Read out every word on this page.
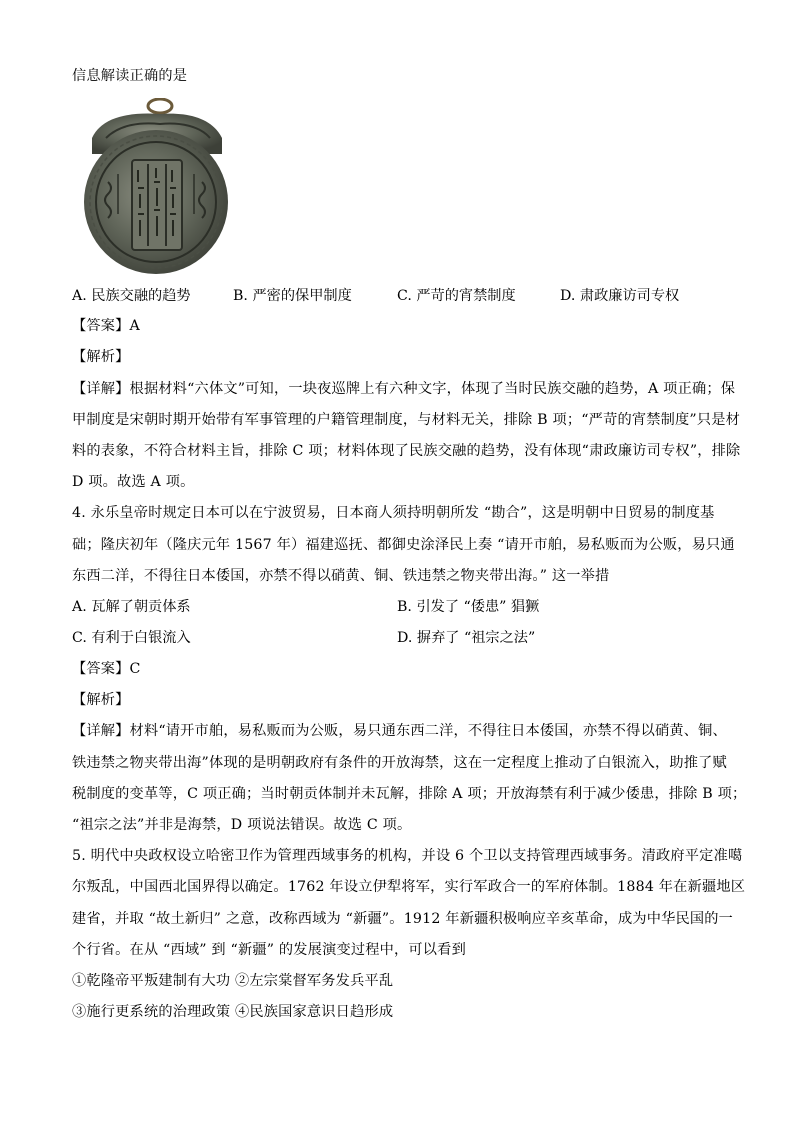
信息解读正确的是
A. 民族交融的趋势	B. 严密的保甲制度	C. 严苛的宵禁制度	D. 肃政廉访司专权
【答案】A
【解析】
【详解】根据材料“六体文”可知，一块夜巡牌上有六种文字，体现了当时民族交融的趋势，A 项正确；保
甲制度是宋朝时期开始带有军事管理的户籍管理制度，与材料无关，排除 B 项；“严苛的宵禁制度”只是材
料的表象，不符合材料主旨，排除 C 项；材料体现了民族交融的趋势，没有体现“肃政廉访司专权”，排除
D 项。故选 A 项。
4. 永乐皇帝时规定日本可以在宁波贸易，日本商人须持明朝所发 “勘合”，这是明朝中日贸易的制度基
础；隆庆初年（隆庆元年 1567 年）福建巡抚、都御史涂泽民上奏 “请开市舶，易私贩而为公贩，易只通
东西二洋，不得往日本倭国，亦禁不得以硝黄、铜、铁违禁之物夹带出海。” 这一举措
A. 瓦解了朝贡体系	B. 引发了 “倭患” 猖獗
C. 有利于白银流入	D. 摒弃了 “祖宗之法”
【答案】C
【解析】
【详解】材料“请开市舶，易私贩而为公贩，易只通东西二洋，不得往日本倭国，亦禁不得以硝黄、铜、
铁违禁之物夹带出海”体现的是明朝政府有条件的开放海禁，这在一定程度上推动了白银流入，助推了赋
税制度的变革等，C 项正确；当时朝贡体制并未瓦解，排除 A 项；开放海禁有利于减少倭患，排除 B 项；
“祖宗之法”并非是海禁，D 项说法错误。故选 C 项。
5. 明代中央政权设立哈密卫作为管理西域事务的机构，并设 6 个卫以支持管理西域事务。清政府平定准噶
尔叛乱，中国西北国界得以确定。1762 年设立伊犁将军，实行军政合一的军府体制。1884 年在新疆地区
建省，并取 “故土新归” 之意，改称西域为 “新疆”。1912 年新疆积极响应辛亥革命，成为中华民国的一
个行省。在从 “西域” 到 “新疆” 的发展演变过程中，可以看到
①乾隆帝平叛建制有大功 ②左宗棠督军务发兵平乱
③施行更系统的治理政策 ④民族国家意识日趋形成
